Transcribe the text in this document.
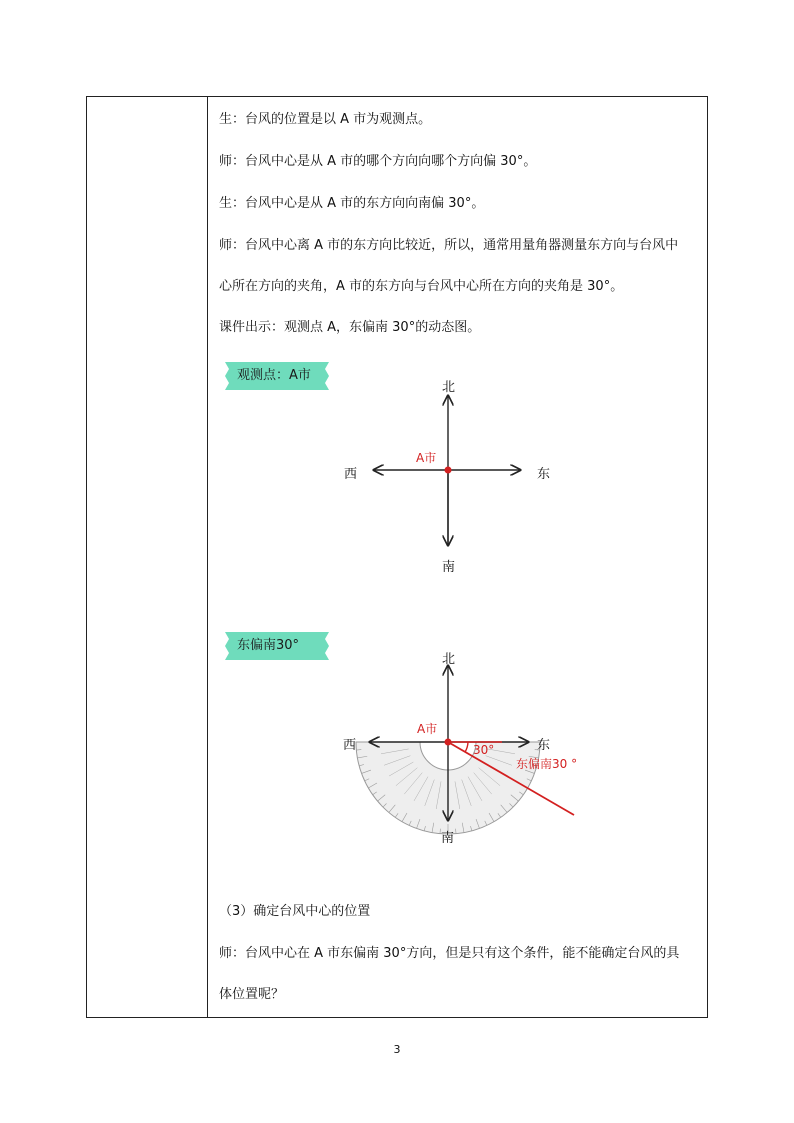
生：台风的位置是以 A 市为观测点。
师：台风中心是从 A 市的哪个方向向哪个方向偏 30°。
生：台风中心是从 A 市的东方向向南偏 30°。
师：台风中心离 A 市的东方向比较近，所以，通常用量角器测量东方向与台风中
心所在方向的夹角，A 市的东方向与台风中心所在方向的夹角是 30°。
课件出示：观测点 A，东偏南 30°的动态图。
观测点：A市
东偏南30°
（3）确定台风中心的位置
师：台风中心在 A 市东偏南 30°方向，但是只有这个条件，能不能确定台风的具
体位置呢？
北
南
东
西
A市
北
南
东
西
A市
30°
东偏南30 °
3
